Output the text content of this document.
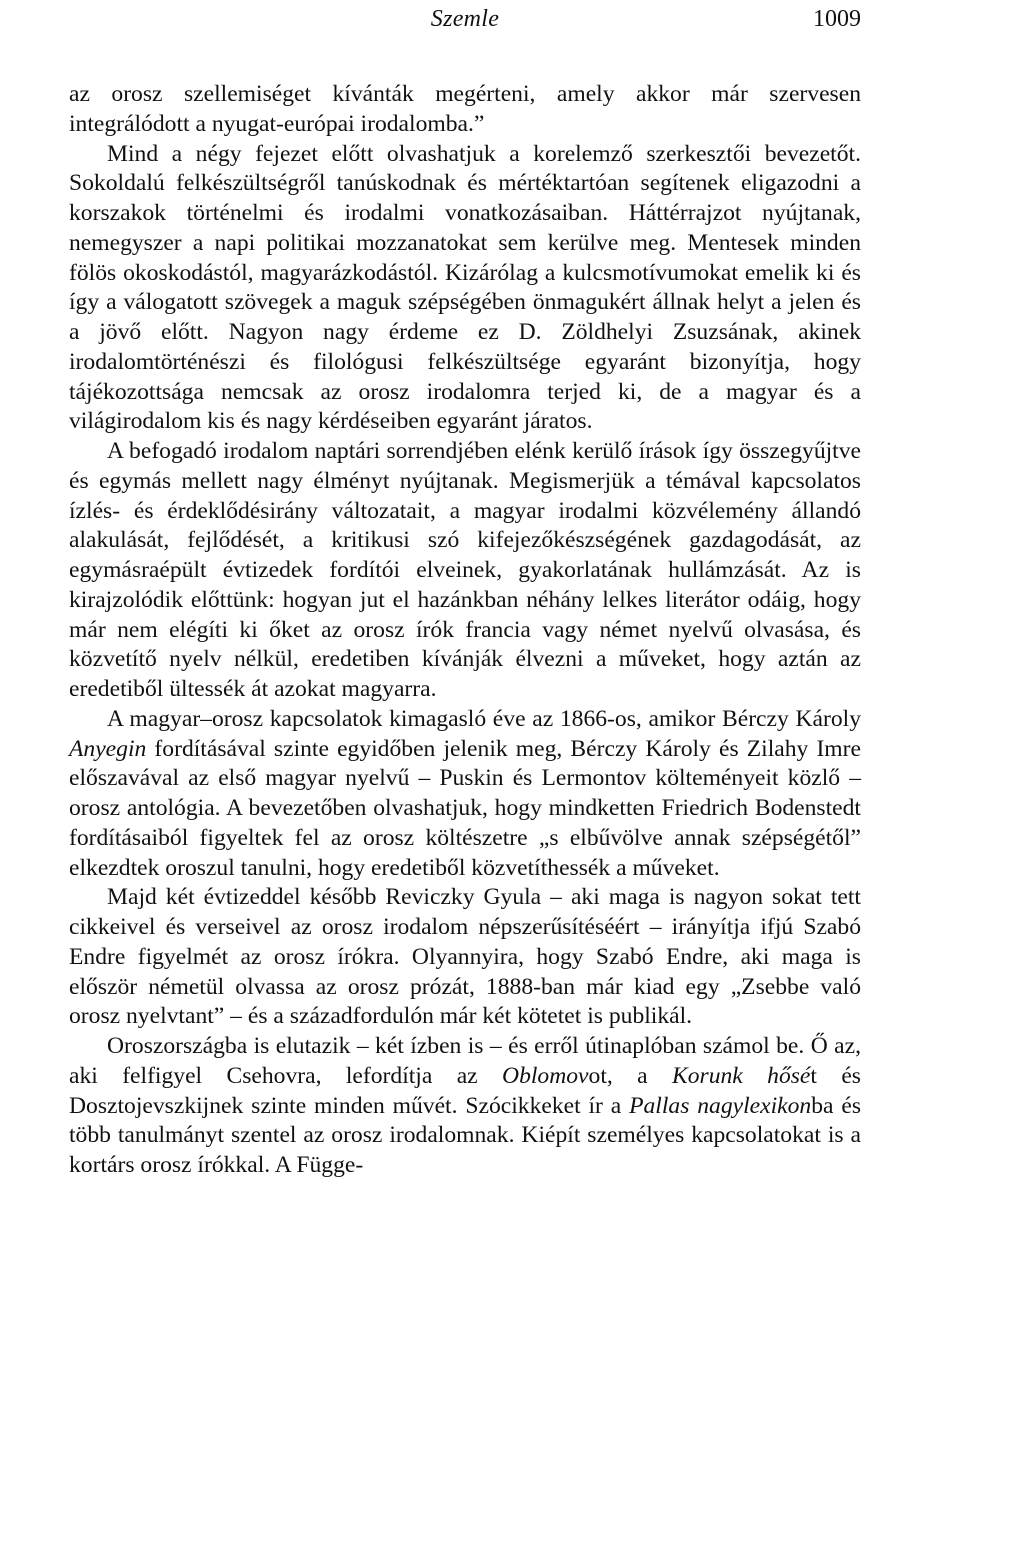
Szemle	1009

az orosz szellemiséget kívánták megérteni, amely akkor már szervesen integrálódott a nyugat-európai irodalomba.”

Mind a négy fejezet előtt olvashatjuk a korelemző szerkesztői bevezetőt. Sokoldalú felkészültségről tanúskodnak és mértéktartóan segítenek eligazodni a korszakok történelmi és irodalmi vonatkozásaiban. Háttérrajzot nyújtanak, nemegyszer a napi politikai mozzanatokat sem kerülve meg. Mentesek minden fölös okoskodástól, magyarázkodástól. Kizárólag a kulcsmotívumokat emelik ki és így a válogatott szövegek a maguk szépségében önmagukért állnak helyt a jelen és a jövő előtt. Nagyon nagy érdeme ez D. Zöldhelyi Zsuzsának, akinek irodalomtörténészi és filológusi felkészültsége egyaránt bizonyítja, hogy tájékozottsága nemcsak az orosz irodalomra terjed ki, de a magyar és a világirodalom kis és nagy kérdéseiben egyaránt járatos.

A befogadó irodalom naptári sorrendjében elénk kerülő írások így összegyűjtve és egymás mellett nagy élményt nyújtanak. Megismerjük a témával kapcsolatos ízlés- és érdeklődésirány változatait, a magyar irodalmi közvélemény állandó alakulását, fejlődését, a kritikusi szó kifejezőkészségének gazdagodását, az egymásraépült évtizedek fordítói elveinek, gyakorlatának hullámzását. Az is kirajzolódik előttünk: hogyan jut el hazánkban néhány lelkes literátor odáig, hogy már nem elégíti ki őket az orosz írók francia vagy német nyelvű olvasása, és közvetítő nyelv nélkül, eredetiben kívánják élvezni a műveket, hogy aztán az eredetiből ültessék át azokat magyarra.

A magyar–orosz kapcsolatok kimagasló éve az 1866-os, amikor Bérczy Károly Anyegin fordításával szinte egyidőben jelenik meg, Bérczy Károly és Zilahy Imre előszavával az első magyar nyelvű – Puskin és Lermontov költeményeit közlő – orosz antológia. A bevezetőben olvashatjuk, hogy mindketten Friedrich Bodenstedt fordításaiból figyeltek fel az orosz költészetre „s elbűvölve annak szépségétől” elkezdtek oroszul tanulni, hogy eredetiből közvetíthessék a műveket.

Majd két évtizeddel később Reviczky Gyula – aki maga is nagyon sokat tett cikkeivel és verseivel az orosz irodalom népszerűsítéséért – irányítja ifjú Szabó Endre figyelmét az orosz írókra. Olyannyira, hogy Szabó Endre, aki maga is először németül olvassa az orosz prózát, 1888-ban már kiad egy „Zsebbe való orosz nyelvtant” – és a századfordulón már két kötetet is publikál.

Oroszországba is elutazik – két ízben is – és erről útinaplóban számol be. Ő az, aki felfigyel Csehovra, lefordítja az Oblomovot, a Korunk hősét és Dosztojevszkijnek szinte minden művét. Szócikkeket ír a Pallas nagylexikonba és több tanulmányt szentel az orosz irodalomnak. Kiépít személyes kapcsolatokat is a kortárs orosz írókkal. A Függe-
